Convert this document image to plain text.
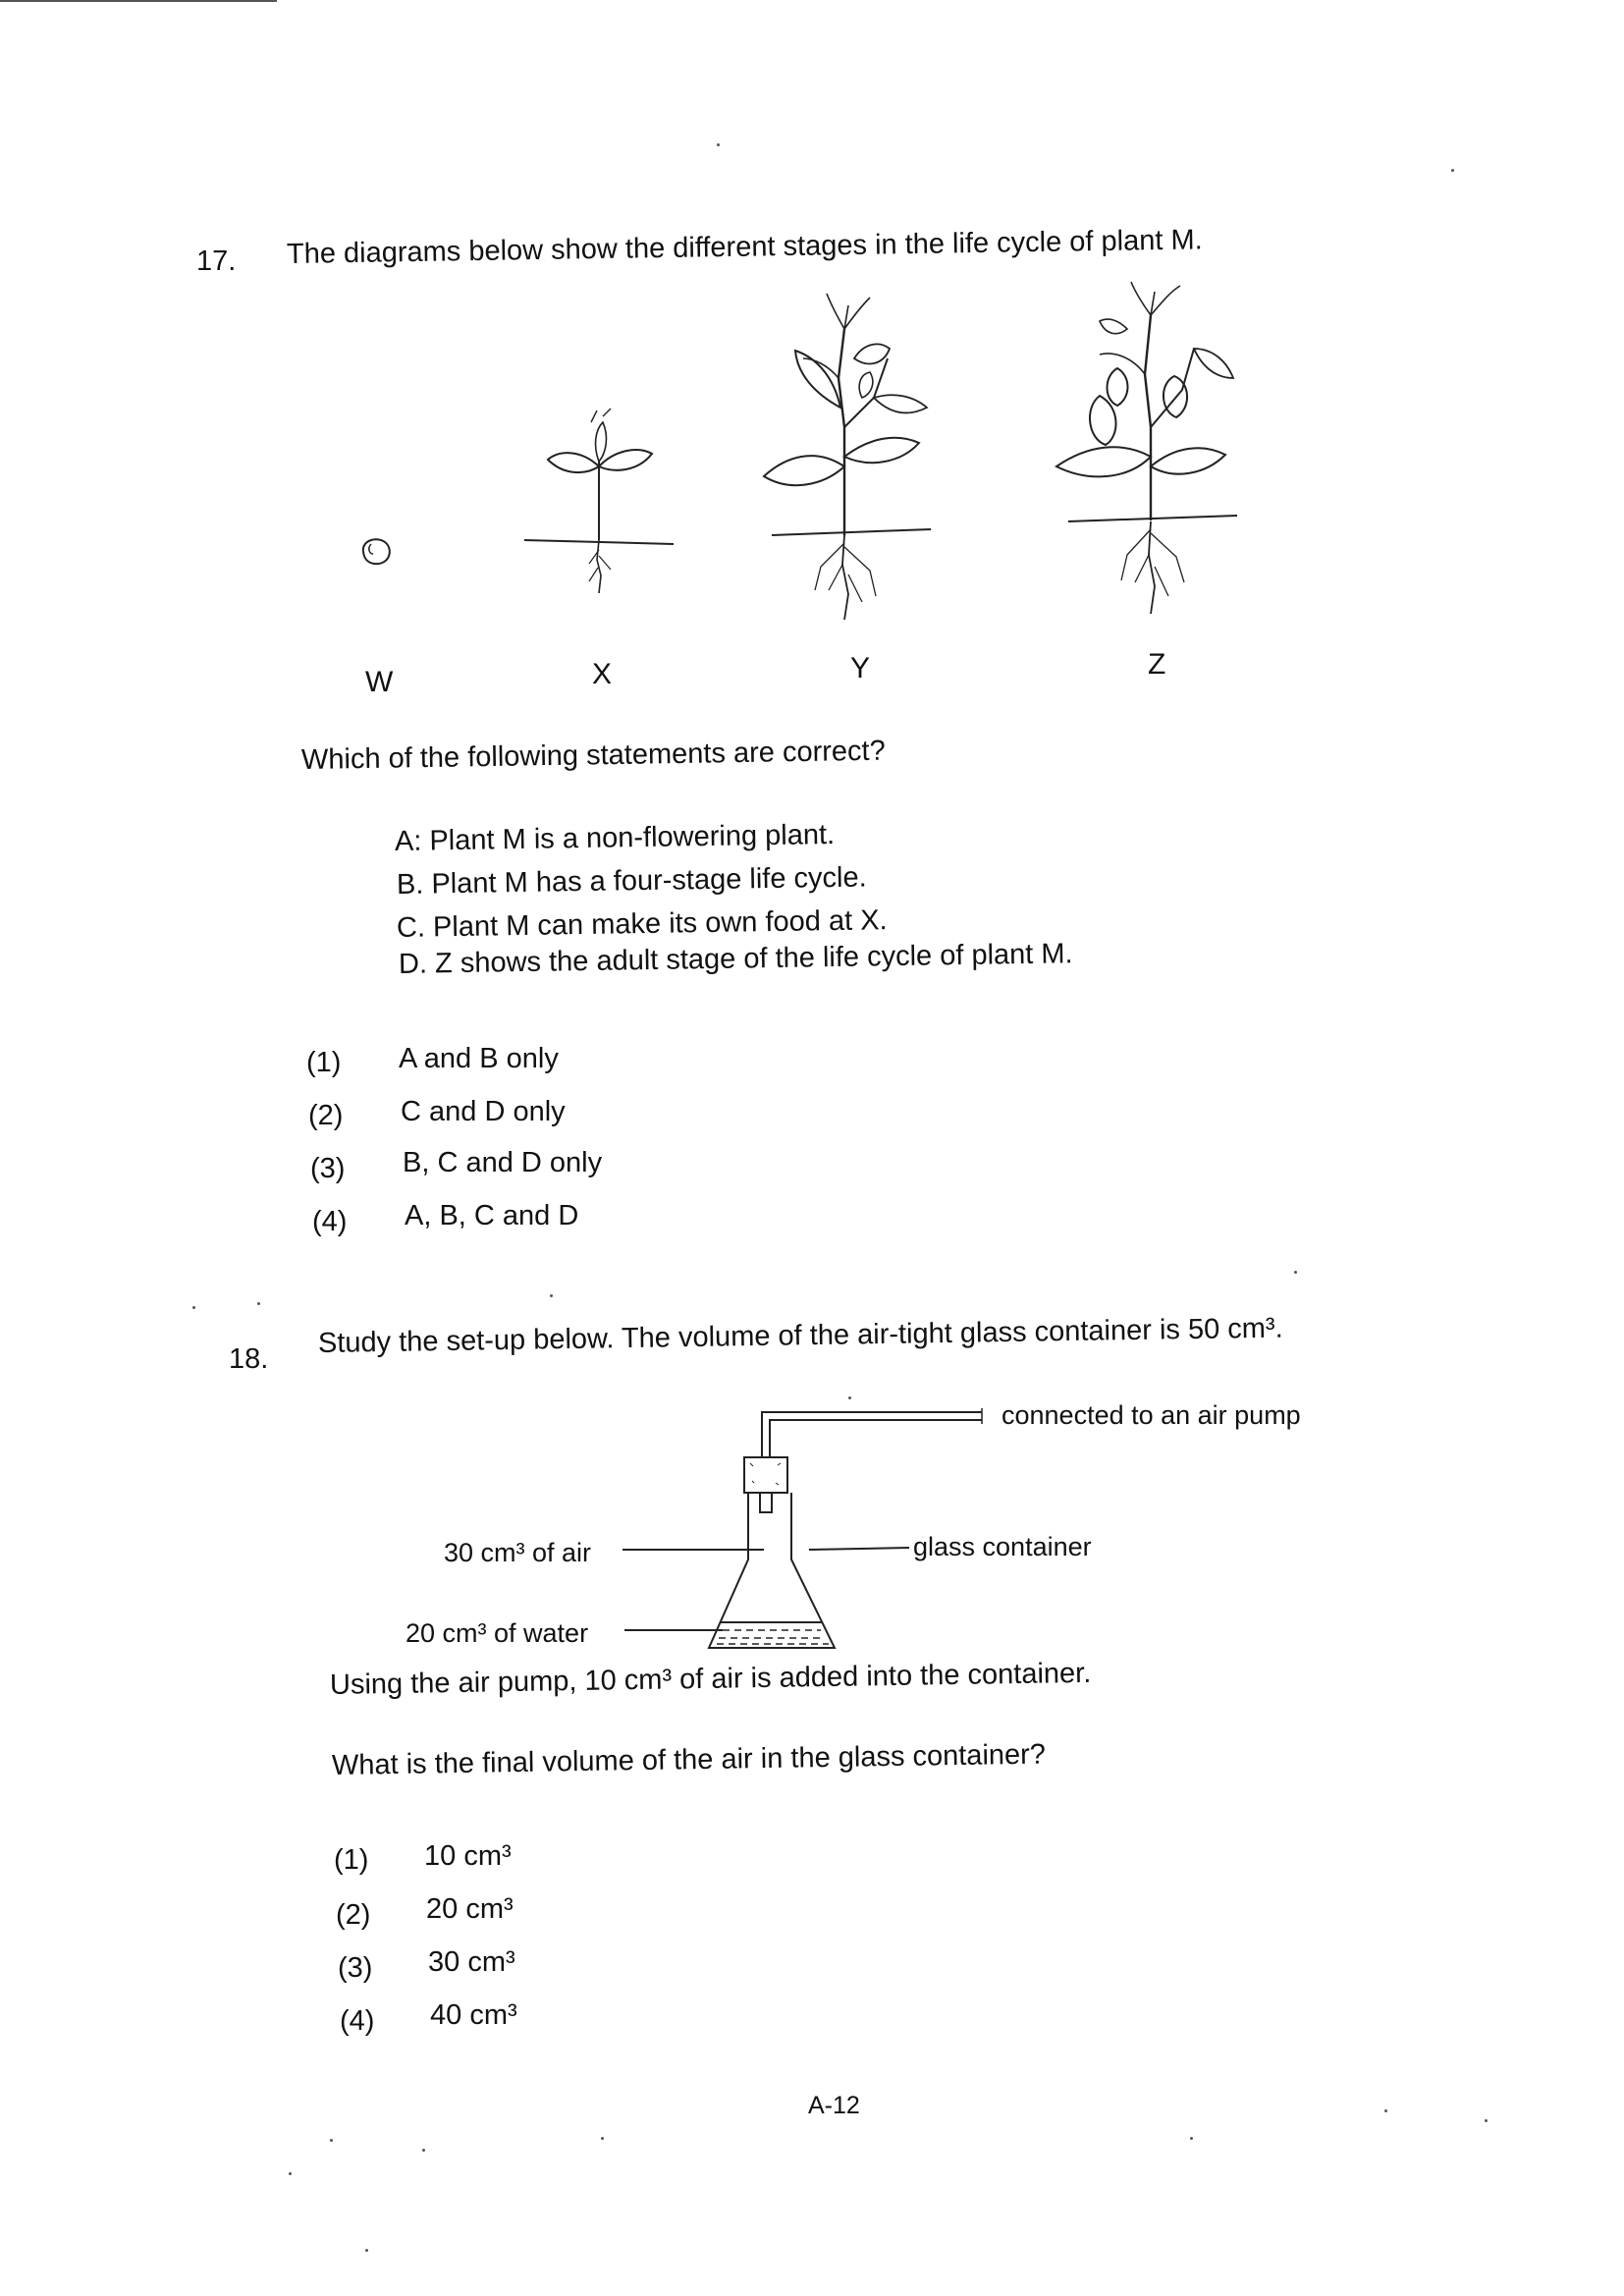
17. The diagrams below show the different stages in the life cycle of plant M.
W	X	Y	Z
Which of the following statements are correct?
A: Plant M is a non-flowering plant.
B. Plant M has a four-stage life cycle.
C. Plant M can make its own food at X.
D. Z shows the adult stage of the life cycle of plant M.
(1) A and B only
(2) C and D only
(3) B, C and D only
(4) A, B, C and D
18.
Study the set-up below. The volume of the air-tight glass container is 50 cm³.
connected to an air pump
30 cm³ of air	glass container
20 cm³ of water
Using the air pump, 10 cm³ of air is added into the container.
What is the final volume of the air in the glass container?
(1) 10 cm³
(2) 20 cm³
(3) 30 cm³
(4) 40 cm³
A-12
